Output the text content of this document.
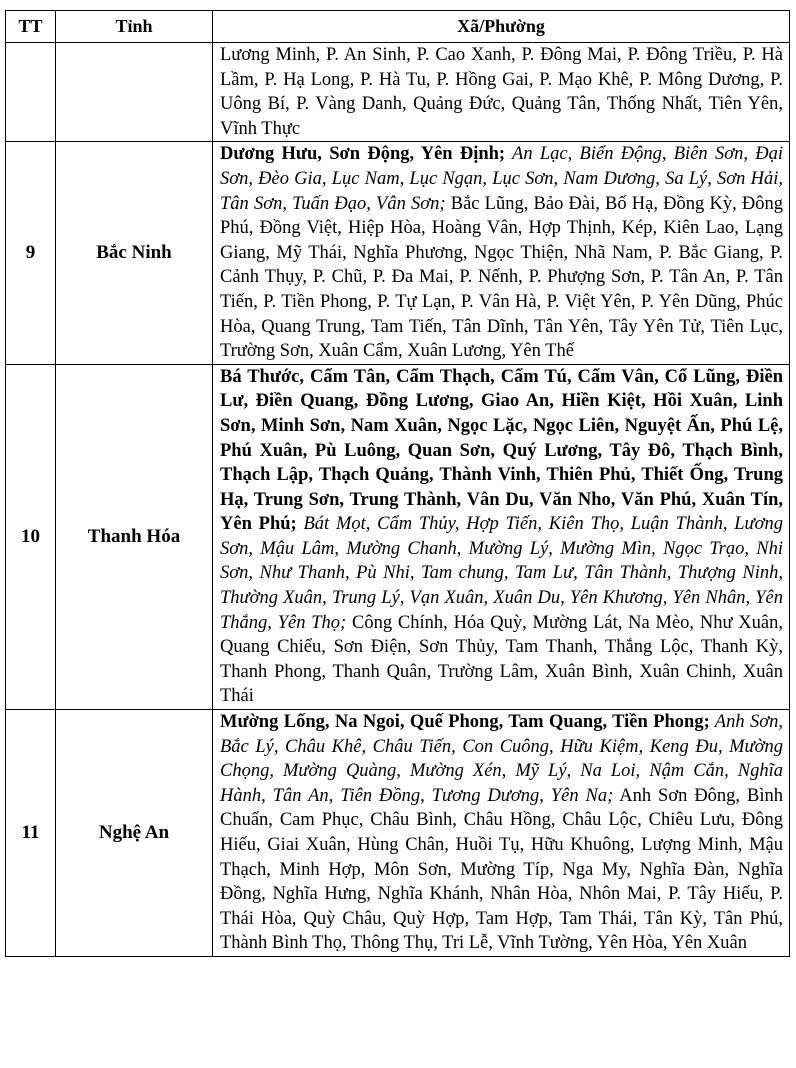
TT	Tỉnh	Xã/Phường
		Lương Minh, P. An Sinh, P. Cao Xanh, P. Đông Mai, P. Đông Triều, P. Hà Lầm, P. Hạ Long, P. Hà Tu, P. Hồng Gai, P. Mạo Khê, P. Mông Dương, P. Uông Bí, P. Vàng Danh, Quảng Đức, Quảng Tân, Thống Nhất, Tiên Yên, Vĩnh Thực
9	Bắc Ninh	Dương Hưu, Sơn Động, Yên Định; An Lạc, Biển Động, Biên Sơn, Đại Sơn, Đèo Gia, Lục Nam, Lục Ngạn, Lục Sơn, Nam Dương, Sa Lý, Sơn Hải, Tân Sơn, Tuấn Đạo, Vân Sơn; Bắc Lũng, Bảo Đài, Bố Hạ, Đồng Kỳ, Đông Phú, Đồng Việt, Hiệp Hòa, Hoàng Vân, Hợp Thịnh, Kép, Kiên Lao, Lạng Giang, Mỹ Thái, Nghĩa Phương, Ngọc Thiện, Nhã Nam, P. Bắc Giang, P. Cảnh Thụy, P. Chũ, P. Đa Mai, P. Nếnh, P. Phượng Sơn, P. Tân An, P. Tân Tiến, P. Tiền Phong, P. Tự Lạn, P. Vân Hà, P. Việt Yên, P. Yên Dũng, Phúc Hòa, Quang Trung, Tam Tiến, Tân Dĩnh, Tân Yên, Tây Yên Tử, Tiên Lục, Trường Sơn, Xuân Cẩm, Xuân Lương, Yên Thế
10	Thanh Hóa	Bá Thước, Cẩm Tân, Cẩm Thạch, Cẩm Tú, Cẩm Vân, Cổ Lũng, Điền Lư, Điền Quang, Đồng Lương, Giao An, Hiền Kiệt, Hồi Xuân, Linh Sơn, Minh Sơn, Nam Xuân, Ngọc Lặc, Ngọc Liên, Nguyệt Ấn, Phú Lệ, Phú Xuân, Pù Luông, Quan Sơn, Quý Lương, Tây Đô, Thạch Bình, Thạch Lập, Thạch Quảng, Thành Vinh, Thiên Phủ, Thiết Ống, Trung Hạ, Trung Sơn, Trung Thành, Vân Du, Văn Nho, Văn Phú, Xuân Tín, Yên Phú; Bát Mọt, Cẩm Thủy, Hợp Tiến, Kiên Thọ, Luận Thành, Lương Sơn, Mậu Lâm, Mường Chanh, Mường Lý, Mường Mìn, Ngọc Trạo, Nhi Sơn, Như Thanh, Pù Nhi, Tam chung, Tam Lư, Tân Thành, Thượng Ninh, Thường Xuân, Trung Lý, Vạn Xuân, Xuân Du, Yên Khương, Yên Nhân, Yên Thắng, Yên Thọ; Công Chính, Hóa Quỳ, Mường Lát, Na Mèo, Như Xuân, Quang Chiểu, Sơn Điện, Sơn Thủy, Tam Thanh, Thắng Lộc, Thanh Kỳ, Thanh Phong, Thanh Quân, Trường Lâm, Xuân Bình, Xuân Chinh, Xuân Thái
11	Nghệ An	Mường Lống, Na Ngoi, Quế Phong, Tam Quang, Tiền Phong; Anh Sơn, Bắc Lý, Châu Khê, Châu Tiến, Con Cuông, Hữu Kiệm, Keng Đu, Mường Chọng, Mường Quàng, Mường Xén, Mỹ Lý, Na Loi, Nậm Cắn, Nghĩa Hành, Tân An, Tiên Đồng, Tương Dương, Yên Na; Anh Sơn Đông, Bình Chuẩn, Cam Phục, Châu Bình, Châu Hồng, Châu Lộc, Chiêu Lưu, Đông Hiếu, Giai Xuân, Hùng Chân, Huồi Tụ, Hữu Khuông, Lượng Minh, Mậu Thạch, Minh Hợp, Môn Sơn, Mường Típ, Nga My, Nghĩa Đàn, Nghĩa Đồng, Nghĩa Hưng, Nghĩa Khánh, Nhân Hòa, Nhôn Mai, P. Tây Hiếu, P. Thái Hòa, Quỳ Châu, Quỳ Hợp, Tam Hợp, Tam Thái, Tân Kỳ, Tân Phú, Thành Bình Thọ, Thông Thụ, Tri Lễ, Vĩnh Tường, Yên Hòa, Yên Xuân
